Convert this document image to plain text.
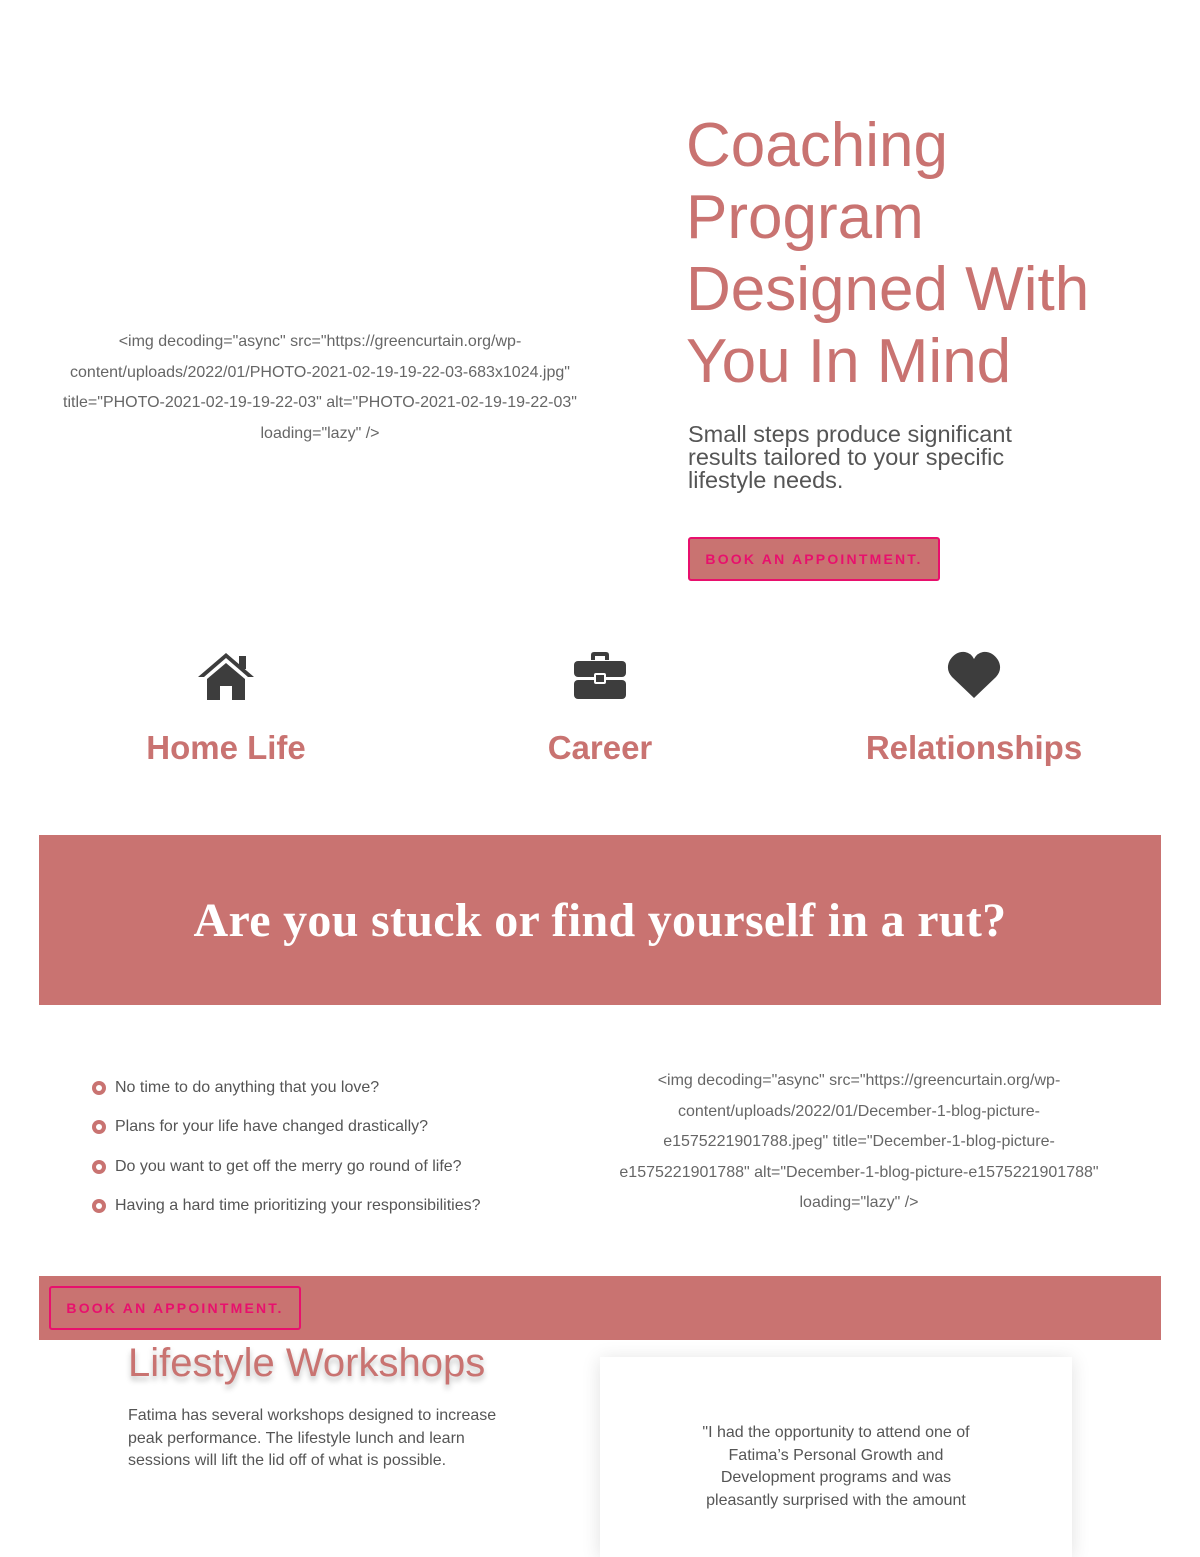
<img decoding="async" src="https://greencurtain.org/wp-content/uploads/2022/01/PHOTO-2021-02-19-19-22-03-683x1024.jpg" title="PHOTO-2021-02-19-19-22-03" alt="PHOTO-2021-02-19-19-22-03" loading="lazy" />
Coaching Program Designed With You In Mind

Small steps produce significant results tailored to your specific lifestyle needs.

BOOK AN APPOINTMENT.
Home Life	Career	Relationships
Are you stuck or find yourself in a rut?
No time to do anything that you love?
Plans for your life have changed drastically?
Do you want to get off the merry go round of life?
Having a hard time prioritizing your responsibilities?
<img decoding="async" src="https://greencurtain.org/wp-content/uploads/2022/01/December-1-blog-picture-e1575221901788.jpeg" title="December-1-blog-picture-e1575221901788" alt="December-1-blog-picture-e1575221901788" loading="lazy" />
BOOK AN APPOINTMENT.
Lifestyle Workshops

Fatima has several workshops designed to increase peak performance. The lifestyle lunch and learn sessions will lift the lid off of what is possible.

"I had the opportunity to attend one of Fatima’s Personal Growth and Development programs and was pleasantly surprised with the amount
